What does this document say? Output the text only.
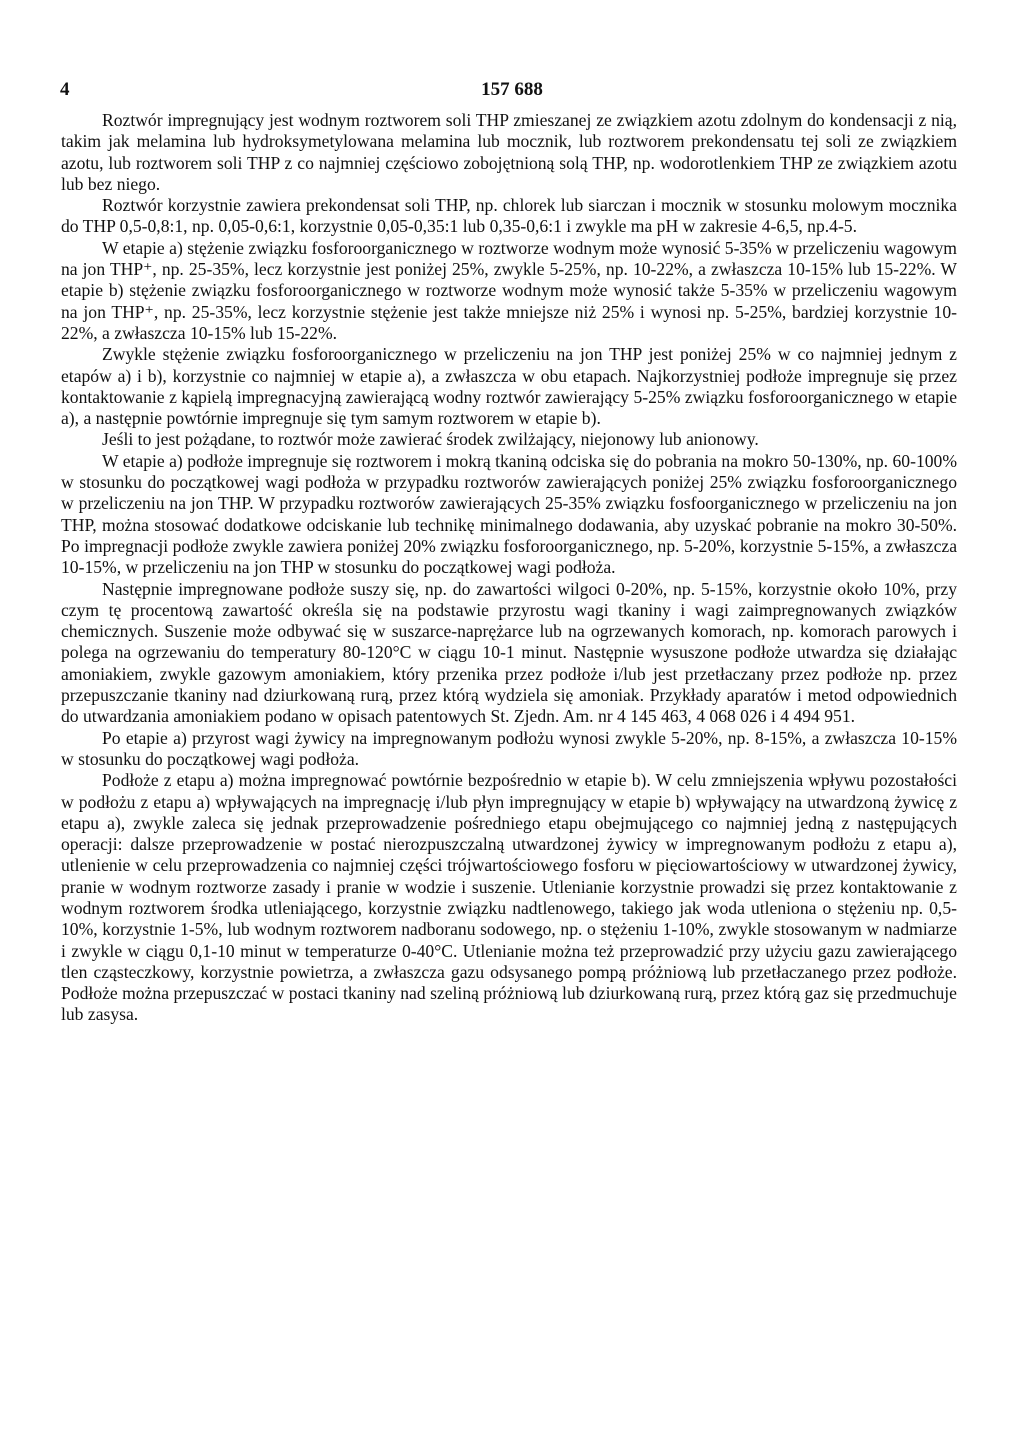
4	157 688

Roztwór impregnujący jest wodnym roztworem soli THP zmieszanej ze związkiem azotu zdolnym do kondensacji z nią, takim jak melamina lub hydroksymetylowana melamina lub mocznik, lub roztworem prekondensatu tej soli ze związkiem azotu, lub roztworem soli THP z co najmniej częściowo zobojętnioną solą THP, np. wodorotlenkiem THP ze związkiem azotu lub bez niego.

Roztwór korzystnie zawiera prekondensat soli THP, np. chlorek lub siarczan i mocznik w stosunku molowym mocznika do THP 0,5-0,8:1, np. 0,05-0,6:1, korzystnie 0,05-0,35:1 lub 0,35-0,6:1 i zwykle ma pH w zakresie 4-6,5, np.4-5.

W etapie a) stężenie związku fosforoorganicznego w roztworze wodnym może wynosić 5-35% w przeliczeniu wagowym na jon THP⁺, np. 25-35%, lecz korzystnie jest poniżej 25%, zwykle 5-25%, np. 10-22%, a zwłaszcza 10-15% lub 15-22%. W etapie b) stężenie związku fosforoorganicznego w roztworze wodnym może wynosić także 5-35% w przeliczeniu wagowym na jon THP⁺, np. 25-35%, lecz korzystnie stężenie jest także mniejsze niż 25% i wynosi np. 5-25%, bardziej korzystnie 10-22%, a zwłaszcza 10-15% lub 15-22%.

Zwykle stężenie związku fosforoorganicznego w przeliczeniu na jon THP jest poniżej 25% w co najmniej jednym z etapów a) i b), korzystnie co najmniej w etapie a), a zwłaszcza w obu etapach. Najkorzystniej podłoże impregnuje się przez kontaktowanie z kąpielą impregnacyjną zawierającą wodny roztwór zawierający 5-25% związku fosforoorganicznego w etapie a), a następnie powtórnie impregnuje się tym samym roztworem w etapie b).

Jeśli to jest pożądane, to roztwór może zawierać środek zwilżający, niejonowy lub anionowy.

W etapie a) podłoże impregnuje się roztworem i mokrą tkaniną odciska się do pobrania na mokro 50-130%, np. 60-100% w stosunku do początkowej wagi podłoża w przypadku roztworów zawierających poniżej 25% związku fosforoorganicznego w przeliczeniu na jon THP. W przypadku roztworów zawierających 25-35% związku fosfoorganicznego w przeliczeniu na jon THP, można stosować dodatkowe odciskanie lub technikę minimalnego dodawania, aby uzyskać pobranie na mokro 30-50%. Po impregnacji podłoże zwykle zawiera poniżej 20% związku fosforoorganicznego, np. 5-20%, korzystnie 5-15%, a zwłaszcza 10-15%, w przeliczeniu na jon THP w stosunku do początkowej wagi podłoża.

Następnie impregnowane podłoże suszy się, np. do zawartości wilgoci 0-20%, np. 5-15%, korzystnie około 10%, przy czym tę procentową zawartość określa się na podstawie przyrostu wagi tkaniny i wagi zaimpregnowanych związków chemicznych. Suszenie może odbywać się w suszarce-naprężarce lub na ogrzewanych komorach, np. komorach parowych i polega na ogrzewaniu do temperatury 80-120°C w ciągu 10-1 minut. Następnie wysuszone podłoże utwardza się działając amoniakiem, zwykle gazowym amoniakiem, który przenika przez podłoże i/lub jest przetłaczany przez podłoże np. przez przepuszczanie tkaniny nad dziurkowaną rurą, przez którą wydziela się amoniak. Przykłady aparatów i metod odpowiednich do utwardzania amoniakiem podano w opisach patentowych St. Zjedn. Am. nr 4 145 463, 4 068 026 i 4 494 951.

Po etapie a) przyrost wagi żywicy na impregnowanym podłożu wynosi zwykle 5-20%, np. 8-15%, a zwłaszcza 10-15% w stosunku do początkowej wagi podłoża.

Podłoże z etapu a) można impregnować powtórnie bezpośrednio w etapie b). W celu zmniejszenia wpływu pozostałości w podłożu z etapu a) wpływających na impregnację i/lub płyn impregnujący w etapie b) wpływający na utwardzoną żywicę z etapu a), zwykle zaleca się jednak przeprowadzenie pośredniego etapu obejmującego co najmniej jedną z następujących operacji: dalsze przeprowadzenie w postać nierozpuszczalną utwardzonej żywicy w impregnowanym podłożu z etapu a), utlenienie w celu przeprowadzenia co najmniej części trójwartościowego fosforu w pięciowartościowy w utwardzonej żywicy, pranie w wodnym roztworze zasady i pranie w wodzie i suszenie. Utlenianie korzystnie prowadzi się przez kontaktowanie z wodnym roztworem środka utleniającego, korzystnie związku nadtlenowego, takiego jak woda utleniona o stężeniu np. 0,5-10%, korzystnie 1-5%, lub wodnym roztworem nadboranu sodowego, np. o stężeniu 1-10%, zwykle stosowanym w nadmiarze i zwykle w ciągu 0,1-10 minut w temperaturze 0-40°C. Utlenianie można też przeprowadzić przy użyciu gazu zawierającego tlen cząsteczkowy, korzystnie powietrza, a zwłaszcza gazu odsysanego pompą próżniową lub przetłaczanego przez podłoże. Podłoże można przepuszczać w postaci tkaniny nad szeliną próżniową lub dziurkowaną rurą, przez którą gaz się przedmuchuje lub zasysa.
